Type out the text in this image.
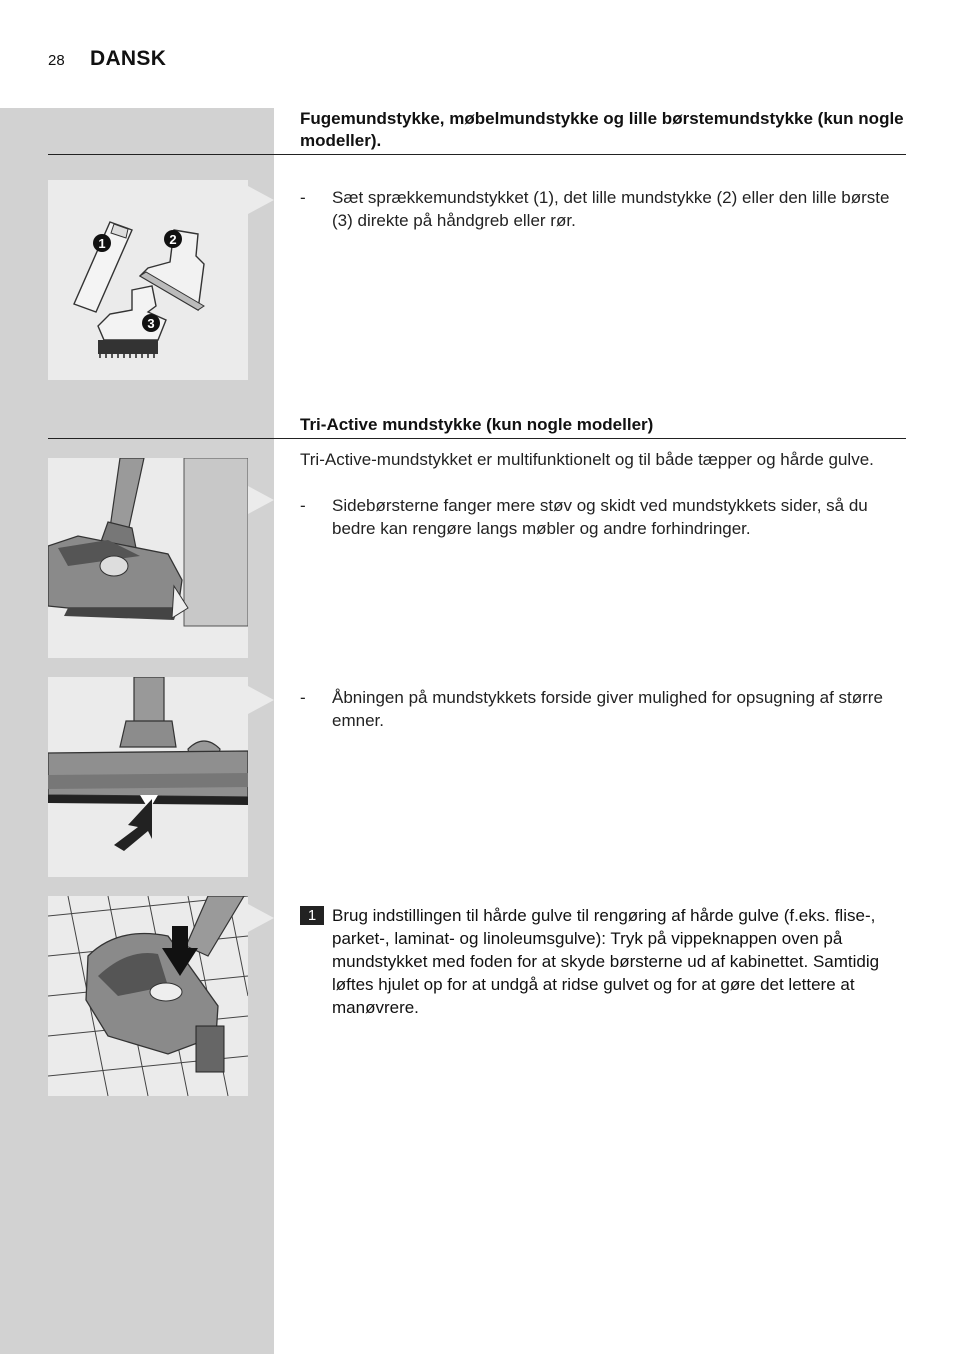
28 DANSK
Fugemundstykke, møbelmundstykke og lille børstemundstykke (kun nogle modeller).
1	2
3
- Sæt sprækkemundstykket (1), det lille mundstykke (2) eller den lille børste (3) direkte på håndgreb eller rør.
Tri-Active mundstykke (kun nogle modeller)
Tri-Active-mundstykket er multifunktionelt og til både tæpper og hårde gulve.
- Sidebørsterne fanger mere støv og skidt ved mundstykkets sider, så du bedre kan rengøre langs møbler og andre forhindringer.
- Åbningen på mundstykkets forside giver mulighed for opsugning af større emner.
1 Brug indstillingen til hårde gulve til rengøring af hårde gulve (f.eks. flise-, parket-, laminat- og linoleumsgulve): Tryk på vippeknappen oven på mundstykket med foden for at skyde børsterne ud af kabinettet. Samtidig løftes hjulet op for at undgå at ridse gulvet og for at gøre det lettere at manøvrere.
